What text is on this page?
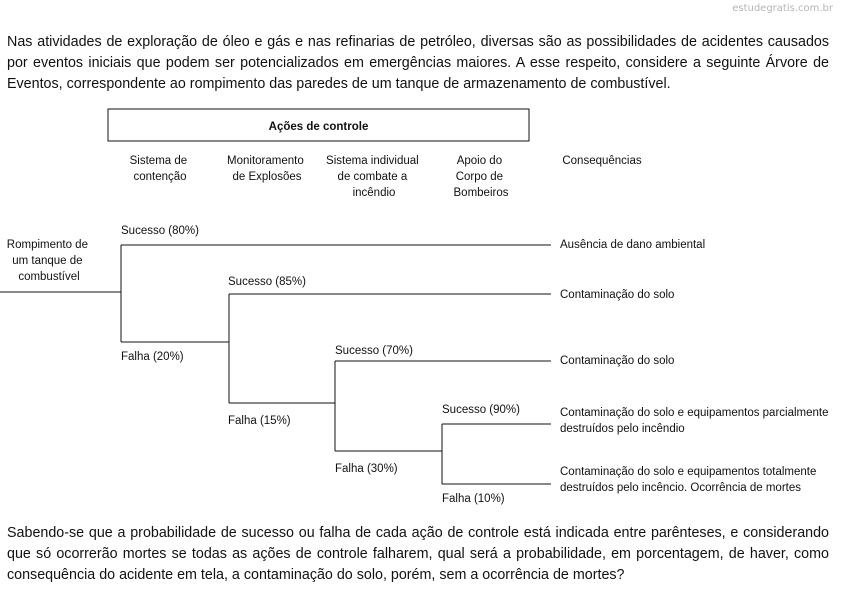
estudegratis.com.br

Nas atividades de exploração de óleo e gás e nas refinarias de petróleo, diversas são as possibilidades de acidentes causados por eventos iniciais que podem ser potencializados em emergências maiores. A esse respeito, considere a seguinte Árvore de Eventos, correspondente ao rompimento das paredes de um tanque de armazenamento de combustível.

Ações de controle
Sistema de contenção
Monitoramento de Explosões
Sistema individual de combate a incêndio
Apoio do Corpo de Bombeiros
Consequências
Rompimento de um tanque de combustível
Sucesso (80%)
Falha (20%)
Sucesso (85%)
Falha (15%)
Sucesso (70%)
Falha (30%)
Sucesso (90%)
Falha (10%)
Ausência de dano ambiental
Contaminação do solo
Contaminação do solo
Contaminação do solo e equipamentos parcialmente destruídos pelo incêndio
Contaminação do solo e equipamentos totalmente destruídos pelo incêncio. Ocorrência de mortes

Sabendo-se que a probabilidade de sucesso ou falha de cada ação de controle está indicada entre parênteses, e considerando que só ocorrerão mortes se todas as ações de controle falharem, qual será a probabilidade, em porcentagem, de haver, como consequência do acidente em tela, a contaminação do solo, porém, sem a ocorrência de mortes?
